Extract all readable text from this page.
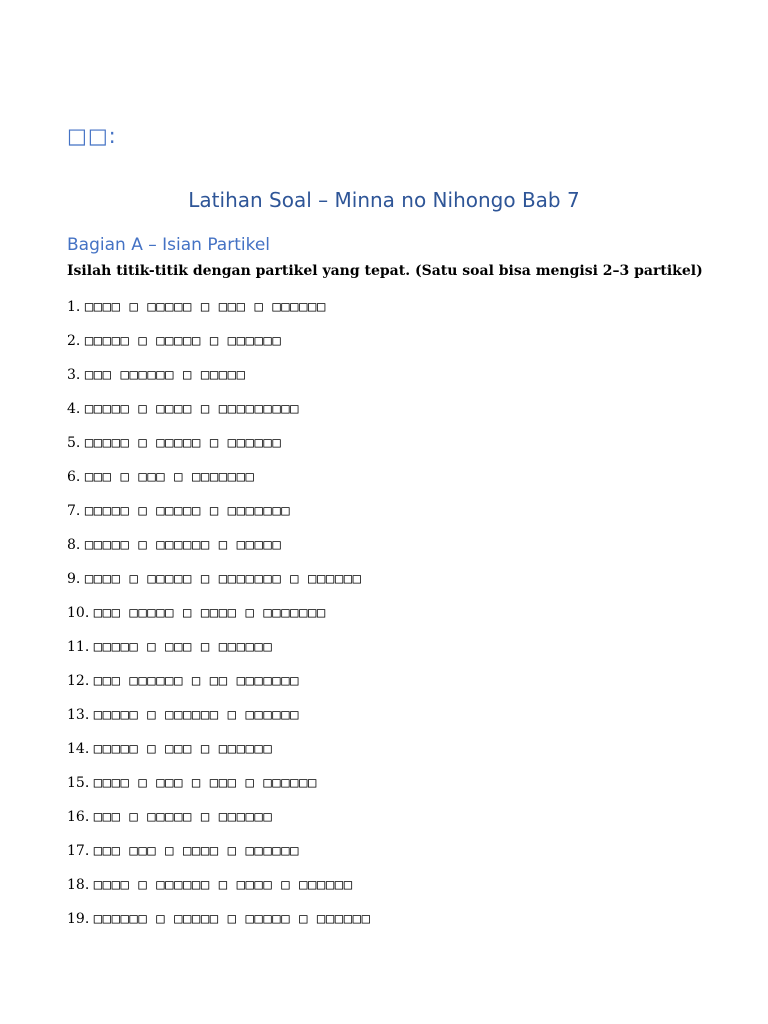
□□:
Latihan Soal – Minna no Nihongo Bab 7
Bagian A – Isian Partikel
Isilah titik-titik dengan partikel yang tepat. (Satu soal bisa mengisi 2–3 partikel)
1. □□□□ □ □□□□□ □ □□□ □ □□□□□□
2. □□□□□ □ □□□□□ □ □□□□□□
3. □□□ □□□□□□ □ □□□□□
4. □□□□□ □ □□□□ □ □□□□□□□□□
5. □□□□□ □ □□□□□ □ □□□□□□
6. □□□ □ □□□ □ □□□□□□□
7. □□□□□ □ □□□□□ □ □□□□□□□
8. □□□□□ □ □□□□□□ □ □□□□□
9. □□□□ □ □□□□□ □ □□□□□□□ □ □□□□□□
10. □□□ □□□□□ □ □□□□ □ □□□□□□□
11. □□□□□ □ □□□ □ □□□□□□
12. □□□ □□□□□□ □ □□ □□□□□□□
13. □□□□□ □ □□□□□□ □ □□□□□□
14. □□□□□ □ □□□ □ □□□□□□
15. □□□□ □ □□□ □ □□□ □ □□□□□□
16. □□□ □ □□□□□ □ □□□□□□
17. □□□ □□□ □ □□□□ □ □□□□□□
18. □□□□ □ □□□□□□ □ □□□□ □ □□□□□□
19. □□□□□□ □ □□□□□ □ □□□□□ □ □□□□□□
